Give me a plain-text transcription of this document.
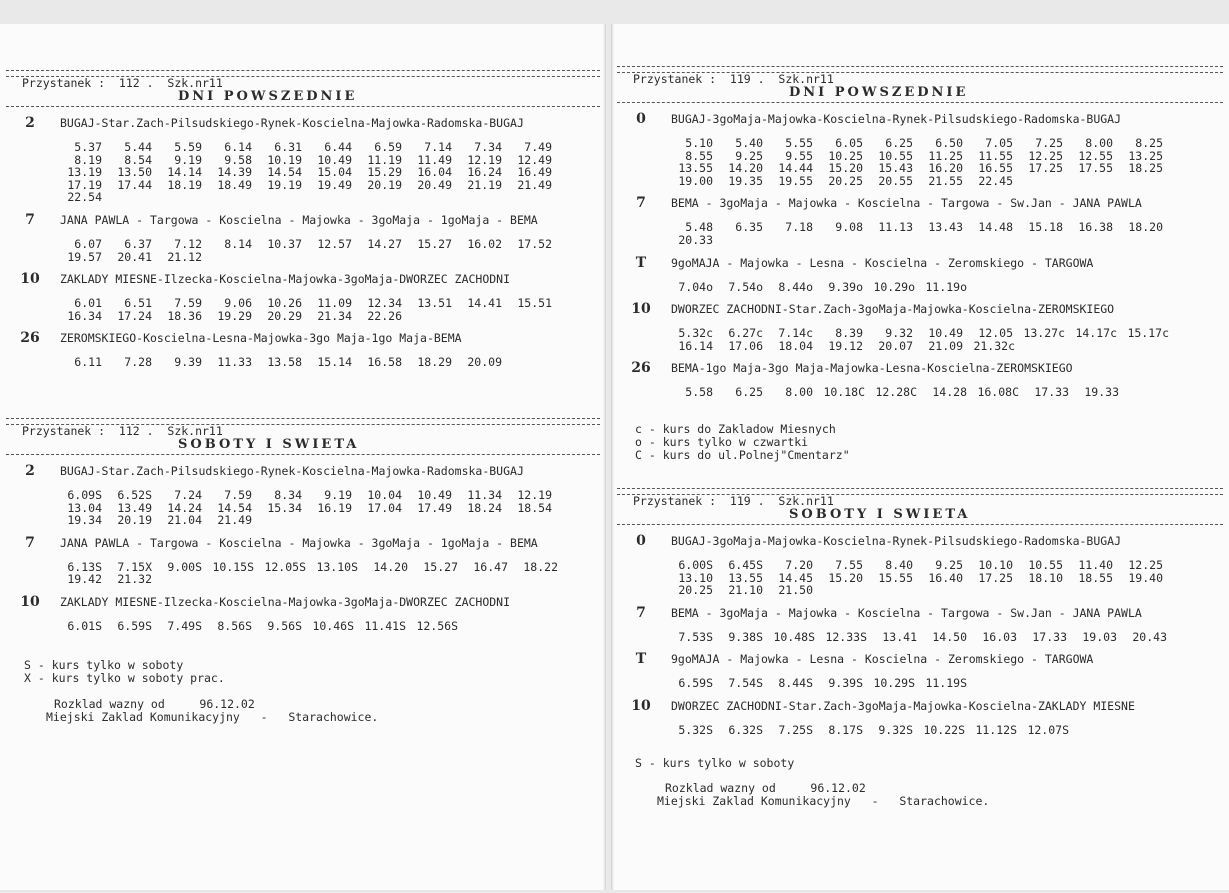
Przystanek :  112 .  Szk.nr11
DNI POWSZEDNIE
2	BUGAJ-Star.Zach-Pilsudskiego-Rynek-Koscielna-Majowka-Radomska-BUGAJ
5.37	5.44	5.59	6.14	6.31	6.44	6.59	7.14	7.34	7.49
8.19	8.54	9.19	9.58	10.19	10.49	11.19	11.49	12.19	12.49
13.19	13.50	14.14	14.39	14.54	15.04	15.29	16.04	16.24	16.49
17.19	17.44	18.19	18.49	19.19	19.49	20.19	20.49	21.19	21.49
22.54
7	JANA PAWLA - Targowa - Koscielna - Majowka - 3goMaja - 1goMaja - BEMA
6.07	6.37	7.12	8.14	10.37	12.57	14.27	15.27	16.02	17.52
19.57	20.41	21.12
10	ZAKLADY MIESNE-Ilzecka-Koscielna-Majowka-3goMaja-DWORZEC ZACHODNI
6.01	6.51	7.59	9.06	10.26	11.09	12.34	13.51	14.41	15.51
16.34	17.24	18.36	19.29	20.29	21.34	22.26
26	ZEROMSKIEGO-Koscielna-Lesna-Majowka-3go Maja-1go Maja-BEMA
6.11	7.28	9.39	11.33	13.58	15.14	16.58	18.29	20.09
Przystanek :  112 .  Szk.nr11
SOBOTY I SWIETA
2	BUGAJ-Star.Zach-Pilsudskiego-Rynek-Koscielna-Majowka-Radomska-BUGAJ
6.09S	6.52S	7.24	7.59	8.34	9.19	10.04	10.49	11.34	12.19
13.04	13.49	14.24	14.54	15.34	16.19	17.04	17.49	18.24	18.54
19.34	20.19	21.04	21.49
7	JANA PAWLA - Targowa - Koscielna - Majowka - 3goMaja - 1goMaja - BEMA
6.13S	7.15X	9.00S 10.15S 12.05S 13.10S	14.20	15.27	16.47	18.22
19.42	21.32
10	ZAKLADY MIESNE-Ilzecka-Koscielna-Majowka-3goMaja-DWORZEC ZACHODNI
6.01S	6.59S	7.49S	8.56S	9.56S 10.46S 11.41S 12.56S
S - kurs tylko w soboty
X - kurs tylko w soboty prac.
Rozklad wazny od     96.12.02
Miejski Zaklad Komunikacyjny   -   Starachowice.
Przystanek :  119 .  Szk.nr11
DNI POWSZEDNIE
0	BUGAJ-3goMaja-Majowka-Koscielna-Rynek-Pilsudskiego-Radomska-BUGAJ
5.10	5.40	5.55	6.05	6.25	6.50	7.05	7.25	8.00	8.25
8.55	9.25	9.55	10.25	10.55	11.25	11.55	12.25	12.55	13.25
13.55	14.20	14.44	15.20	15.43	16.20	16.55	17.25	17.55	18.25
19.00	19.35	19.55	20.25	20.55	21.55	22.45
7	BEMA - 3goMaja - Majowka - Koscielna - Targowa - Sw.Jan - JANA PAWLA
5.48	6.35	7.18	9.08	11.13	13.43	14.48	15.18	16.38	18.20
20.33
T	9goMAJA - Majowka - Lesna - Koscielna - Zeromskiego - TARGOWA
7.04o	7.54o	8.44o	9.39o 10.29o 11.19o
10	DWORZEC ZACHODNI-Star.Zach-3goMaja-Majowka-Koscielna-ZEROMSKIEGO
5.32c	6.27c	7.14c	8.39	9.32	10.49	12.05 13.27c 14.17c 15.17c
16.14	17.06	18.04	19.12	20.07	21.09 21.32c
26	BEMA-1go Maja-3go Maja-Majowka-Lesna-Koscielna-ZEROMSKIEGO
5.58	6.25	8.00 10.18C 12.28C	14.28 16.08C	17.33	19.33
c - kurs do Zakladow Miesnych
o - kurs tylko w czwartki
C - kurs do ul.Polnej"Cmentarz"
Przystanek :  119 .  Szk.nr11
SOBOTY I SWIETA
0	BUGAJ-3goMaja-Majowka-Koscielna-Rynek-Pilsudskiego-Radomska-BUGAJ
6.00S	6.45S	7.20	7.55	8.40	9.25	10.10	10.55	11.40	12.25
13.10	13.55	14.45	15.20	15.55	16.40	17.25	18.10	18.55	19.40
20.25	21.10	21.50
7	BEMA - 3goMaja - Majowka - Koscielna - Targowa - Sw.Jan - JANA PAWLA
7.53S	9.38S 10.48S 12.33S	13.41	14.50	16.03	17.33	19.03	20.43
T	9goMAJA - Majowka - Lesna - Koscielna - Zeromskiego - TARGOWA
6.59S	7.54S	8.44S	9.39S 10.29S 11.19S
10	DWORZEC ZACHODNI-Star.Zach-3goMaja-Majowka-Koscielna-ZAKLADY MIESNE
5.32S	6.32S	7.25S	8.17S	9.32S 10.22S 11.12S 12.07S
S - kurs tylko w soboty
Rozklad wazny od     96.12.02
Miejski Zaklad Komunikacyjny   -   Starachowice.
